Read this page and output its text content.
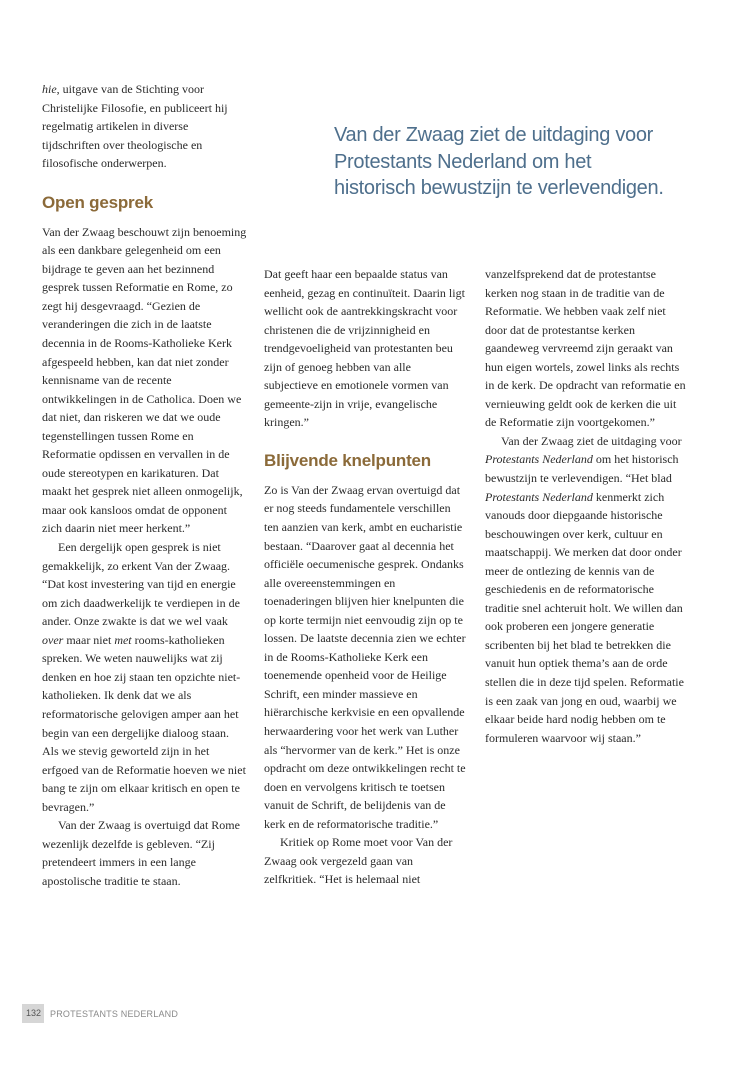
Van der Zwaag ziet de uitdaging voor Protestants Nederland om het historisch bewustzijn te verlevendigen.

hie, uitgave van de Stichting voor Christelijke Filosofie, en publiceert hij regelmatig artikelen in diverse tijdschriften over theologische en filosofische onderwerpen.

Open gesprek

Van der Zwaag beschouwt zijn benoeming als een dankbare gelegenheid om een bijdrage te geven aan het bezinnend gesprek tussen Reformatie en Rome, zo zegt hij desgevraagd. “Gezien de veranderingen die zich in de laatste decennia in de Rooms-Katholieke Kerk afgespeeld hebben, kan dat niet zonder kennisname van de recente ontwikkelingen in de Catholica. Doen we dat niet, dan riskeren we dat we oude tegenstellingen tussen Rome en Reformatie opdissen en vervallen in de oude stereotypen en karikaturen. Dat maakt het gesprek niet alleen onmogelijk, maar ook kansloos omdat de opponent zich daarin niet meer herkent.”

Een dergelijk open gesprek is niet gemakkelijk, zo erkent Van der Zwaag. “Dat kost investering van tijd en energie om zich daadwerkelijk te verdiepen in de ander. Onze zwakte is dat we wel vaak over maar niet met rooms-katholieken spreken. We weten nauwelijks wat zij denken en hoe zij staan ten opzichte niet-katholieken. Ik denk dat we als reformatorische gelovigen amper aan het begin van een dergelijke dialoog staan. Als we stevig geworteld zijn in het erfgoed van de Reformatie hoeven we niet bang te zijn om elkaar kritisch en open te bevragen.”

Van der Zwaag is overtuigd dat Rome wezenlijk dezelfde is gebleven. “Zij pretendeert immers in een lange apostolische traditie te staan.

Dat geeft haar een bepaalde status van eenheid, gezag en continuïteit. Daarin ligt wellicht ook de aantrekkingskracht voor christenen die de vrijzinnigheid en trendgevoeligheid van protestanten beu zijn of genoeg hebben van alle subjectieve en emotionele vormen van gemeente-zijn in vrije, evangelische kringen.”

Blijvende knelpunten

Zo is Van der Zwaag ervan overtuigd dat er nog steeds fundamentele verschillen ten aanzien van kerk, ambt en eucharistie bestaan. “Daarover gaat al decennia het officiële oecumenische gesprek. Ondanks alle overeenstemmingen en toenaderingen blijven hier knelpunten die op korte termijn niet eenvoudig zijn op te lossen. De laatste decennia zien we echter in de Rooms-Katholieke Kerk een toenemende openheid voor de Heilige Schrift, een minder massieve en hiërarchische kerkvisie en een opvallende herwaardering voor het werk van Luther als “hervormer van de kerk.” Het is onze opdracht om deze ontwikkelingen recht te doen en vervolgens kritisch te toetsen vanuit de Schrift, de belijdenis van de kerk en de reformatorische traditie.”

Kritiek op Rome moet voor Van der Zwaag ook vergezeld gaan van zelfkritiek. “Het is helemaal niet

vanzelfsprekend dat de protestantse kerken nog staan in de traditie van de Reformatie. We hebben vaak zelf niet door dat de protestantse kerken gaandeweg vervreemd zijn geraakt van hun eigen wortels, zowel links als rechts in de kerk. De opdracht van reformatie en vernieuwing geldt ook de kerken die uit de Reformatie zijn voortgekomen.”

Van der Zwaag ziet de uitdaging voor Protestants Nederland om het historisch bewustzijn te verlevendigen. “Het blad Protestants Nederland kenmerkt zich vanouds door diepgaande historische beschouwingen over kerk, cultuur en maatschappij. We merken dat door onder meer de ontlezing de kennis van de geschiedenis en de reformatorische traditie snel achteruit holt. We willen dan ook proberen een jongere generatie scribenten bij het blad te betrekken die vanuit hun optiek thema’s aan de orde stellen die in deze tijd spelen. Reformatie is een zaak van jong en oud, waarbij we elkaar beide hard nodig hebben om te formuleren waarvoor wij staan.”

132 PROTESTANTS NEDERLAND
